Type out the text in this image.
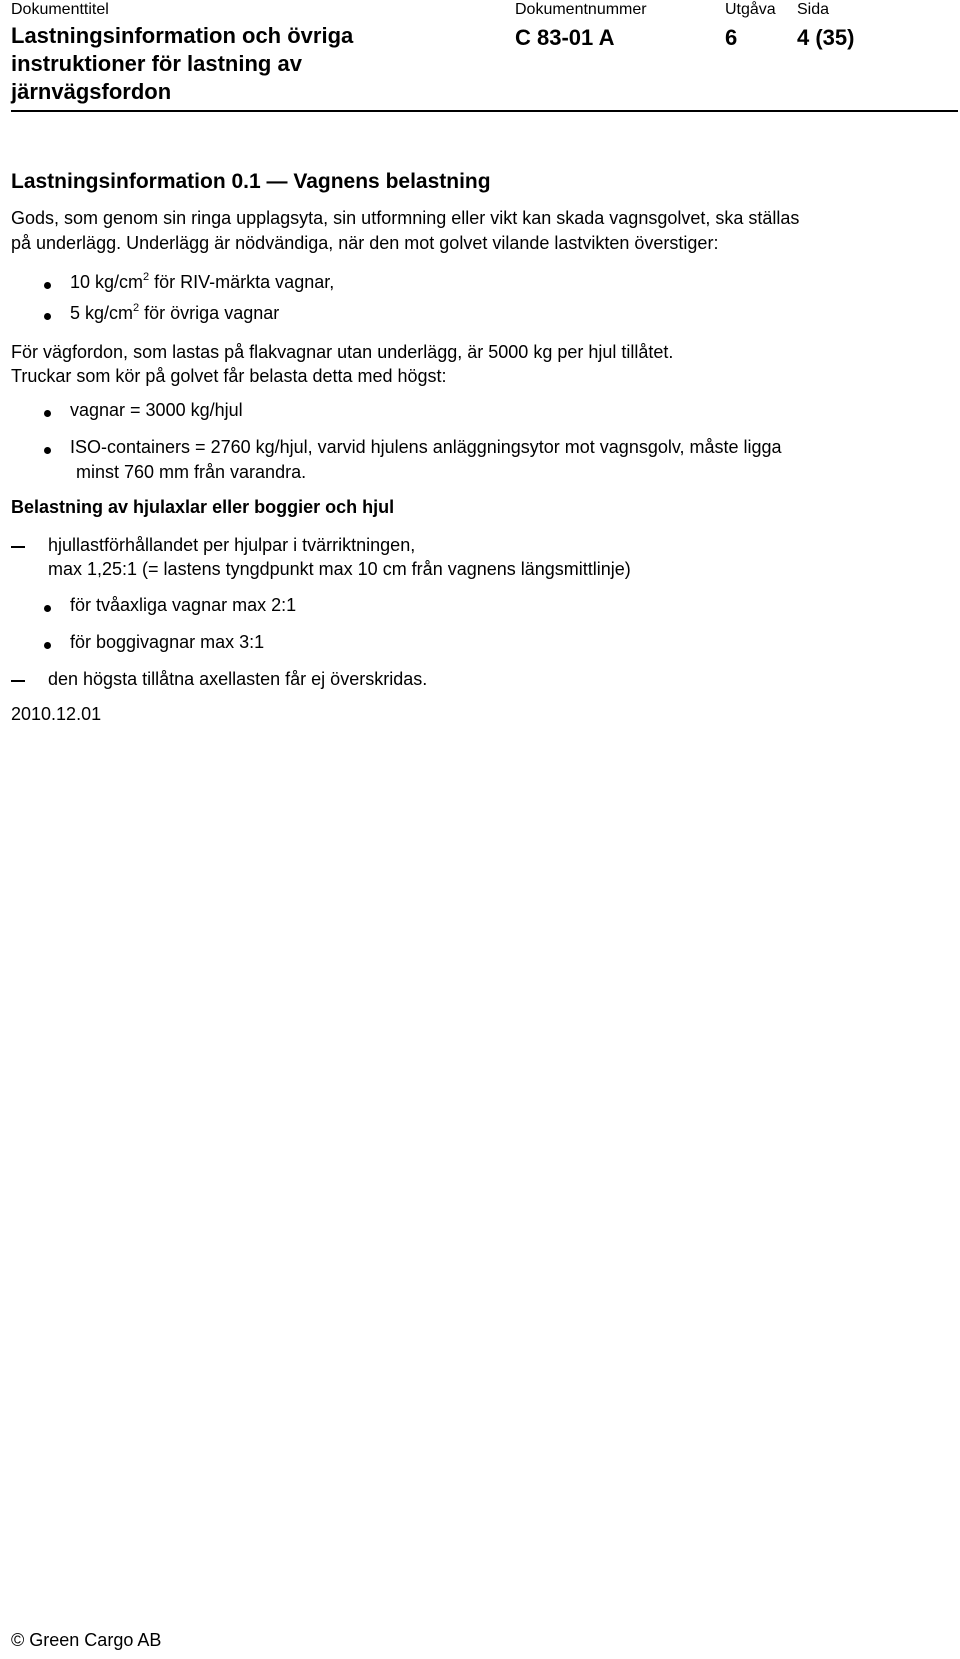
Dokumenttitel	Dokumentnummer	Utgåva Sida
Lastningsinformation och övriga
instruktioner för lastning av
järnvägsfordon
C 83-01 A	6	4 (35)
Lastningsinformation 0.1 — Vagnens belastning
Gods, som genom sin ringa upplagsyta, sin utformning eller vikt kan skada vagnsgolvet, ska ställas
på underlägg. Underlägg är nödvändiga, när den mot golvet vilande lastvikten överstiger:
10 $kg/cm^2$ för RIV-märkta vagnar,
5 $kg/cm^2$ för övriga vagnar
För vägfordon, som lastas på flakvagnar utan underlägg, är 5000 kg per hjul tillåtet.
Truckar som kör på golvet får belasta detta med högst:
vagnar = 3000 kg/hjul
ISO-containers = 2760 kg/hjul, varvid hjulens anläggningsytor mot vagnsgolv, måste ligga
minst 760 mm från varandra.
Belastning av hjulaxlar eller boggier och hjul
hjullastförhållandet per hjulpar i tvärriktningen,
max 1,25:1 (= lastens tyngdpunkt max 10 cm från vagnens längsmittlinje)
för tvåaxliga vagnar max 2:1
för boggivagnar max 3:1
den högsta tillåtna axellasten får ej överskridas.
2010.12.01
© Green Cargo AB
